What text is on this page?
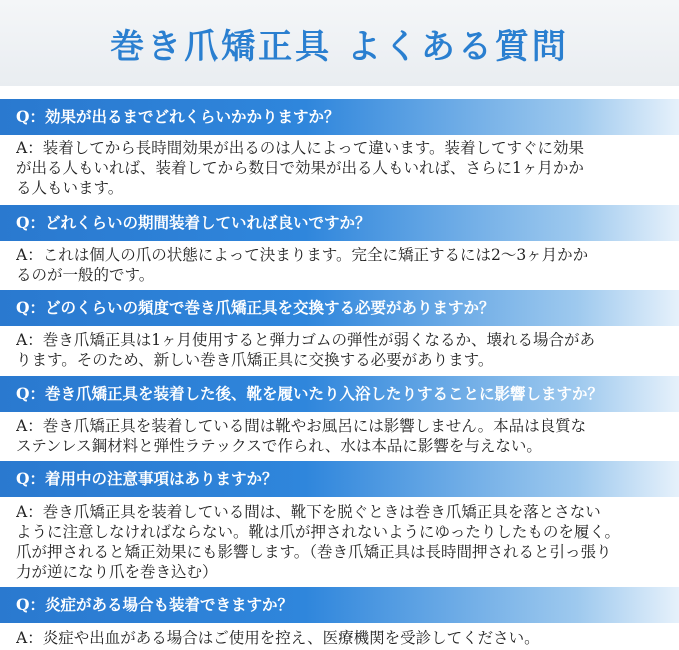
巻き爪矯正具 よくある質問
Q：効果が出るまでどれくらいかかりますか？
A：装着してから長時間効果が出るのは人によって違います。装着してすぐに効果
が出る人もいれば、装着してから数日で効果が出る人もいれば、さらに1ヶ月かか
る人もいます。
Q：どれくらいの期間装着していれば良いですか？
A：これは個人の爪の状態によって決まります。完全に矯正するには2～3ヶ月かか
るのが一般的です。
Q：どのくらいの頻度で巻き爪矯正具を交換する必要がありますか？
A：巻き爪矯正具は1ヶ月使用すると弾力ゴムの弾性が弱くなるか、壊れる場合があ
ります。そのため、新しい巻き爪矯正具に交換する必要があります。
Q：巻き爪矯正具を装着した後、靴を履いたり入浴したりすることに影響しますか？
A：巻き爪矯正具を装着している間は靴やお風呂には影響しません。本品は良質な
ステンレス鋼材料と弾性ラテックスで作られ、水は本品に影響を与えない。
Q：着用中の注意事項はありますか？
A：巻き爪矯正具を装着している間は、靴下を脱ぐときは巻き爪矯正具を落とさない
ように注意しなければならない。靴は爪が押されないようにゆったりしたものを履く。
爪が押されると矯正効果にも影響します。（巻き爪矯正具は長時間押されると引っ張り
力が逆になり爪を巻き込む）
Q：炎症がある場合も装着できますか？
A：炎症や出血がある場合はご使用を控え、医療機関を受診してください。
